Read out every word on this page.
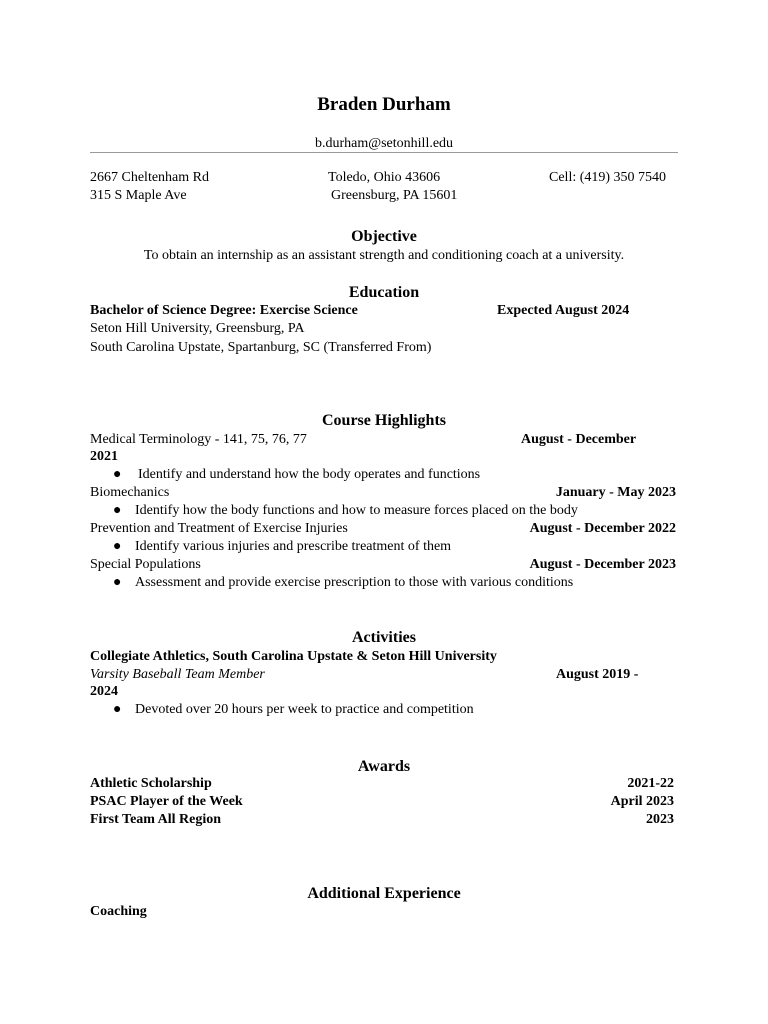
Braden Durham
b.durham@setonhill.edu
2667 Cheltenham Rd	Toledo, Ohio 43606	Cell: (419) 350 7540
315 S Maple Ave	Greensburg, PA 15601
Objective
To obtain an internship as an assistant strength and conditioning coach at a university.
Education
Bachelor of Science Degree: Exercise Science	Expected August 2024
Seton Hill University, Greensburg, PA
South Carolina Upstate, Spartanburg, SC (Transferred From)
Course Highlights
Medical Terminology - 141, 75, 76, 77	August - December
2021
● Identify and understand how the body operates and functions
Biomechanics	January - May 2023
● Identify how the body functions and how to measure forces placed on the body
Prevention and Treatment of Exercise Injuries	August - December 2022
● Identify various injuries and prescribe treatment of them
Special Populations	August - December 2023
● Assessment and provide exercise prescription to those with various conditions
Activities
Collegiate Athletics, South Carolina Upstate & Seton Hill University
Varsity Baseball Team Member	August 2019 -
2024
● Devoted over 20 hours per week to practice and competition
Awards
Athletic Scholarship	2021-22
PSAC Player of the Week	April 2023
First Team All Region	2023
Additional Experience
Coaching
